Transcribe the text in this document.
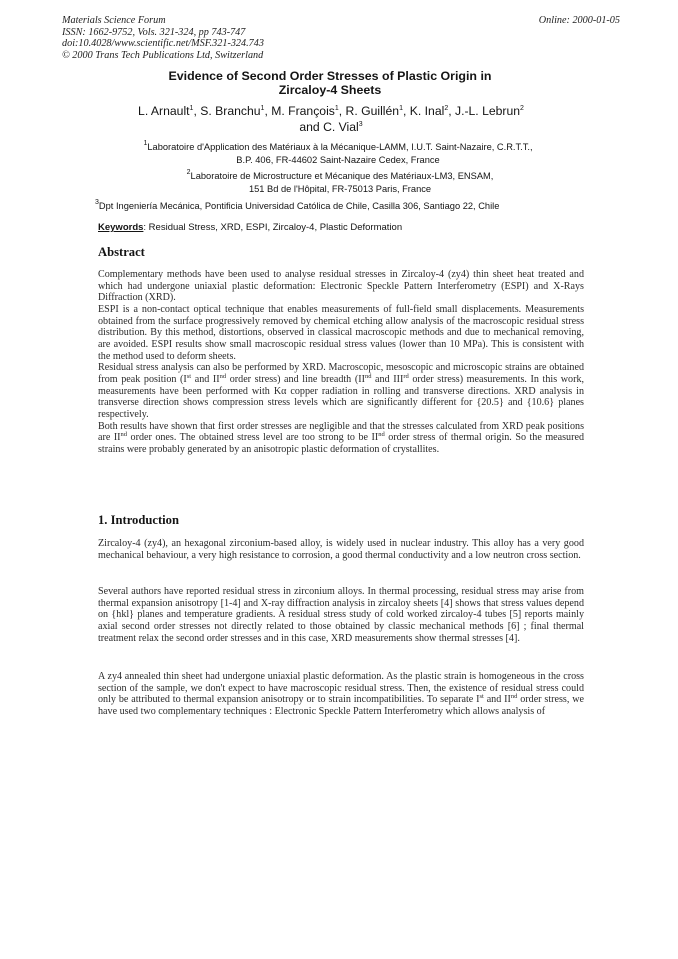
Materials Science Forum
ISSN: 1662-9752, Vols. 321-324, pp 743-747
doi:10.4028/www.scientific.net/MSF.321-324.743
© 2000 Trans Tech Publications Ltd, Switzerland
Online: 2000-01-05
Evidence of Second Order Stresses of Plastic Origin in
Zircaloy-4 Sheets
L. Arnault$^1$, S. Branchu$^1$, M. François$^1$, R. Guillén$^1$, K. Inal$^2$, J.-L. Lebrun$^2$
and C. Vial$^3$
$^1$Laboratoire d'Application des Matériaux à la Mécanique-LAMM, I.U.T. Saint-Nazaire, C.R.T.T.,
B.P. 406, FR-44602 Saint-Nazaire Cedex, France
$^2$Laboratoire de Microstructure et Mécanique des Matériaux-LM3, ENSAM,
151 Bd de l'Hôpital, FR-75013 Paris, France
$^3$Dpt Ingeniería Mecánica, Pontificia Universidad Católica de Chile, Casilla 306, Santiago 22, Chile
Keywords: Residual Stress, XRD, ESPI, Zircaloy-4, Plastic Deformation
Abstract

Complementary methods have been used to analyse residual stresses in Zircaloy-4 (zy4) thin sheet heat treated and which had undergone uniaxial plastic deformation: Electronic Speckle Pattern Interferometry (ESPI) and X-Rays Diffraction (XRD).

ESPI is a non-contact optical technique that enables measurements of full-field small displacements. Measurements obtained from the surface progressively removed by chemical etching allow analysis of the macroscopic residual stress distribution. By this method, distortions, observed in classical macroscopic methods and due to mechanical removing, are avoided. ESPI results show small macroscopic residual stress values (lower than 10 MPa). This is consistent with the method used to deform sheets.

Residual stress analysis can also be performed by XRD. Macroscopic, mesoscopic and microscopic strains are obtained from peak position (Ist and IInd order stress) and line breadth (IInd and IIIrd order stress) measurements. In this work, measurements have been performed with Kα copper radiation in rolling and transverse directions. XRD analysis in transverse direction shows compression stress levels which are significantly different for {20.5} and {10.6} planes respectively.

Both results have shown that first order stresses are negligible and that the stresses calculated from XRD peak positions are IInd order ones. The obtained stress level are too strong to be IInd order stress of thermal origin. So the measured strains were probably generated by an anisotropic plastic deformation of crystallites.

1. Introduction

Zircaloy-4 (zy4), an hexagonal zirconium-based alloy, is widely used in nuclear industry. This alloy has a very good mechanical behaviour, a very high resistance to corrosion, a good thermal conductivity and a low neutron cross section.

Several authors have reported residual stress in zirconium alloys. In thermal processing, residual stress may arise from thermal expansion anisotropy [1-4] and X-ray diffraction analysis in zircaloy sheets [4] shows that stress values depend on {hkl} planes and temperature gradients. A residual stress study of cold worked zircaloy-4 tubes [5] reports mainly axial second order stresses not directly related to those obtained by classic mechanical methods [6] ; final thermal treatment relax the second order stresses and in this case, XRD measurements show thermal stresses [4].

A zy4 annealed thin sheet had undergone uniaxial plastic deformation. As the plastic strain is homogeneous in the cross section of the sample, we don't expect to have macroscopic residual stress. Then, the existence of residual stress could only be attributed to thermal expansion anisotropy or to strain incompatibilities. To separate Ist and IInd order stress, we have used two complementary techniques : Electronic Speckle Pattern Interferometry which allows analysis of
